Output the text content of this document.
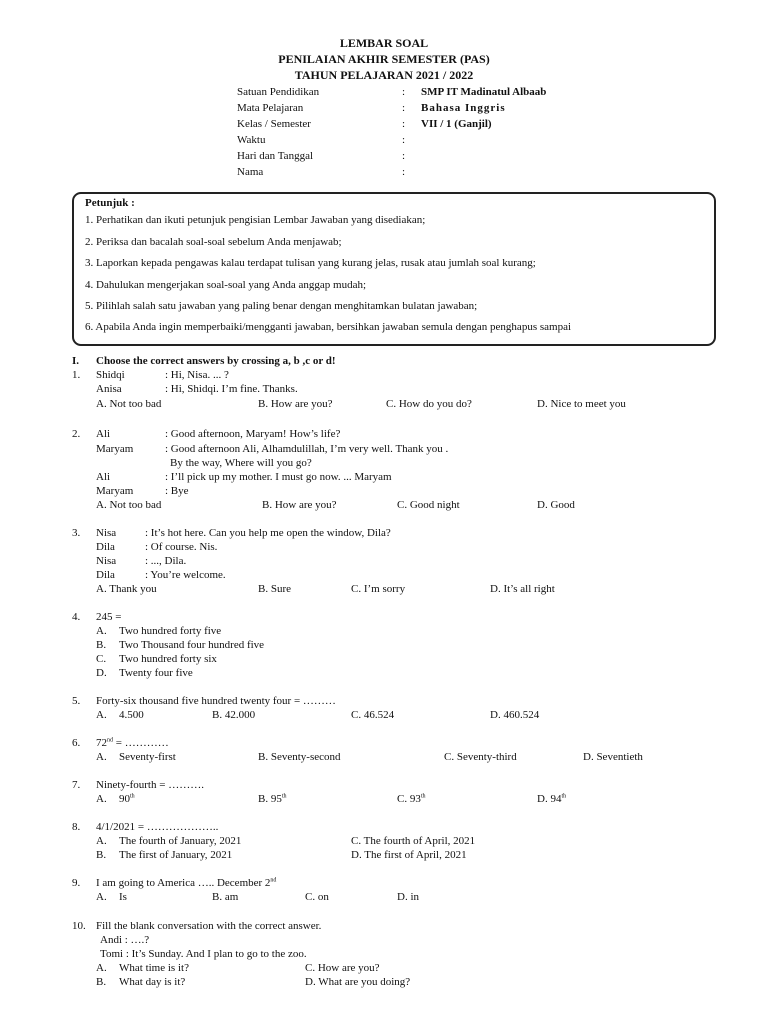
LEMBAR SOAL
PENILAIAN AKHIR SEMESTER (PAS)
TAHUN PELAJARAN 2021 / 2022
Satuan Pendidikan	: SMP IT Madinatul Albaab
Mata Pelajaran	: Bahasa Inggris
Kelas / Semester	: VII / 1 (Ganjil)
Waktu	:
Hari dan Tanggal	:
Nama	:
Petunjuk :
1. Perhatikan dan ikuti petunjuk pengisian Lembar Jawaban yang disediakan;
2. Periksa dan bacalah soal-soal sebelum Anda menjawab;
3. Laporkan kepada pengawas kalau terdapat tulisan yang kurang jelas, rusak atau jumlah soal kurang;
4. Dahulukan mengerjakan soal-soal yang Anda anggap mudah;
5. Pilihlah salah satu jawaban yang paling benar dengan menghitamkan bulatan jawaban;
6. Apabila Anda ingin memperbaiki/mengganti jawaban, bersihkan jawaban semula dengan penghapus sampai
I. Choose the correct answers by crossing a, b ,c or d!
1. Shidqi	: Hi, Nisa. ... ?
Anisa	: Hi, Shidqi. I’m fine. Thanks.
A. Not too bad	B. How are you?	C. How do you do?	D. Nice to meet you
2. Ali	: Good afternoon, Maryam! How’s life?
Maryam	: Good afternoon Ali, Alhamdulillah, I’m very well. Thank you .
By the way, Where will you go?
Ali	: I’ll pick up my mother. I must go now. ... Maryam
Maryam	: Bye
A. Not too bad	B. How are you?	C. Good night	D. Good
3. Nisa	: It’s hot here. Can you help me open the window, Dila?
Dila	: Of course. Nis.
Nisa	: ..., Dila.
Dila	: You’re welcome.
A. Thank you	B. Sure	C. I’m sorry	D. It’s all right
4. 245 =
A. Two hundred forty five
B. Two Thousand four hundred five
C. Two hundred forty six
D. Twenty four five
5. Forty-six thousand five hundred twenty four = ………
A. 4.500	B. 42.000	C. 46.524	D. 460.524
6. 72nd = …………
A. Seventy-first	B. Seventy-second	C. Seventy-third	D. Seventieth
7. Ninety-fourth = ……….
A. 90th	B. 95th	C. 93th	D. 94th
8. 4/1/2021 = ………………..
A. The fourth of January, 2021	C. The fourth of April, 2021
B. The first of January, 2021	D. The first of April, 2021
9. I am going to America ….. December 2nd
A. Is	B. am	C. on	D. in
10. Fill the blank conversation with the correct answer.
Andi : ….?
Tomi : It’s Sunday. And I plan to go to the zoo.
A. What time is it?	C. How are you?
B. What day is it?	D. What are you doing?
